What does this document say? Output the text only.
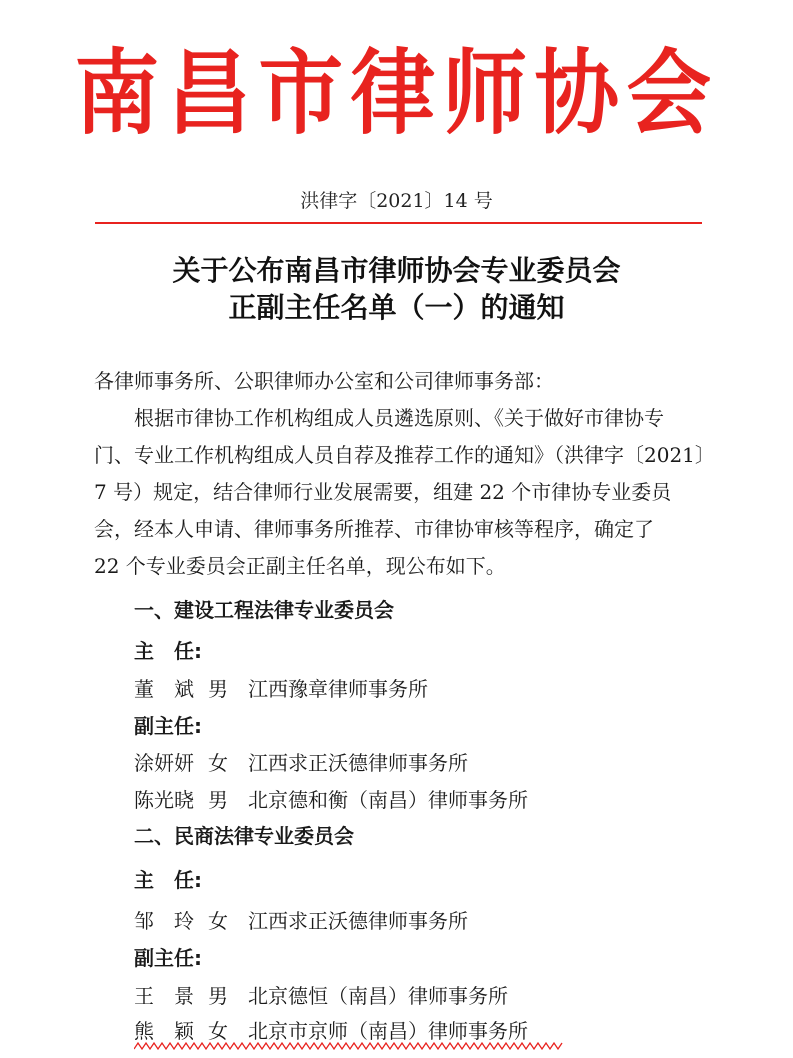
南昌市律师协会
洪律字〔2021〕14 号
关于公布南昌市律师协会专业委员会
正副主任名单（一）的通知
各律师事务所、公职律师办公室和公司律师事务部：
　　根据市律协工作机构组成人员遴选原则、《关于做好市律协专
门、专业工作机构组成人员自荐及推荐工作的通知》（洪律字〔2021〕
7 号）规定，结合律师行业发展需要，组建 22 个市律协专业委员
会，经本人申请、律师事务所推荐、市律协审核等程序，确定了
22 个专业委员会正副主任名单，现公布如下。
一、建设工程法律专业委员会
主　任:
董　斌 男 江西豫章律师事务所
副主任:
涂妍妍 女 江西求正沃德律师事务所
陈光晓 男 北京德和衡（南昌）律师事务所
二、民商法律专业委员会
主　任:
邹　玲 女 江西求正沃德律师事务所
副主任:
王　景 男 北京德恒（南昌）律师事务所
熊　颖 女 北京市京师（南昌）律师事务所
